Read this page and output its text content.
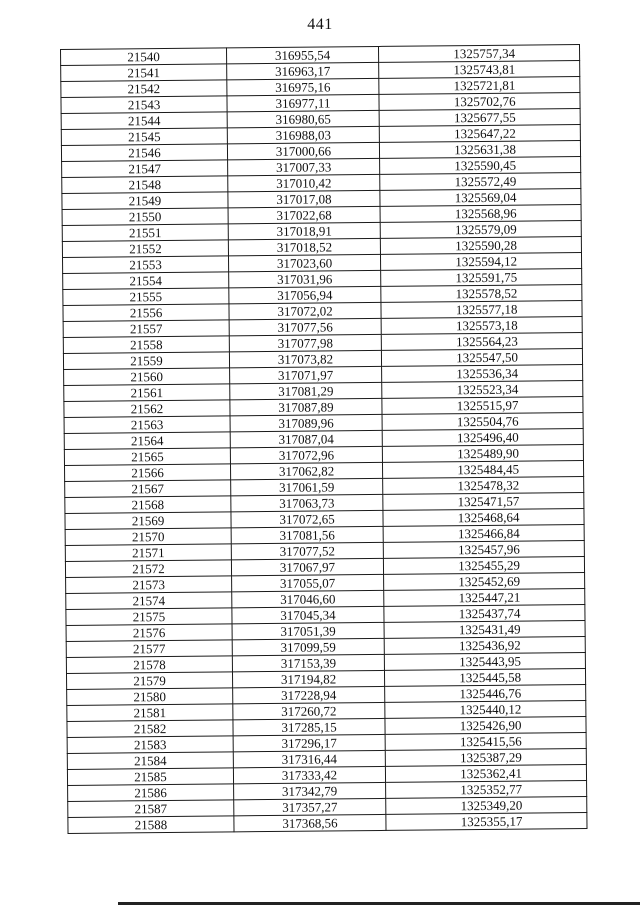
441
21540	316955,54	1325757,34
21541	316963,17	1325743,81
21542	316975,16	1325721,81
21543	316977,11	1325702,76
21544	316980,65	1325677,55
21545	316988,03	1325647,22
21546	317000,66	1325631,38
21547	317007,33	1325590,45
21548	317010,42	1325572,49
21549	317017,08	1325569,04
21550	317022,68	1325568,96
21551	317018,91	1325579,09
21552	317018,52	1325590,28
21553	317023,60	1325594,12
21554	317031,96	1325591,75
21555	317056,94	1325578,52
21556	317072,02	1325577,18
21557	317077,56	1325573,18
21558	317077,98	1325564,23
21559	317073,82	1325547,50
21560	317071,97	1325536,34
21561	317081,29	1325523,34
21562	317087,89	1325515,97
21563	317089,96	1325504,76
21564	317087,04	1325496,40
21565	317072,96	1325489,90
21566	317062,82	1325484,45
21567	317061,59	1325478,32
21568	317063,73	1325471,57
21569	317072,65	1325468,64
21570	317081,56	1325466,84
21571	317077,52	1325457,96
21572	317067,97	1325455,29
21573	317055,07	1325452,69
21574	317046,60	1325447,21
21575	317045,34	1325437,74
21576	317051,39	1325431,49
21577	317099,59	1325436,92
21578	317153,39	1325443,95
21579	317194,82	1325445,58
21580	317228,94	1325446,76
21581	317260,72	1325440,12
21582	317285,15	1325426,90
21583	317296,17	1325415,56
21584	317316,44	1325387,29
21585	317333,42	1325362,41
21586	317342,79	1325352,77
21587	317357,27	1325349,20
21588	317368,56	1325355,17
